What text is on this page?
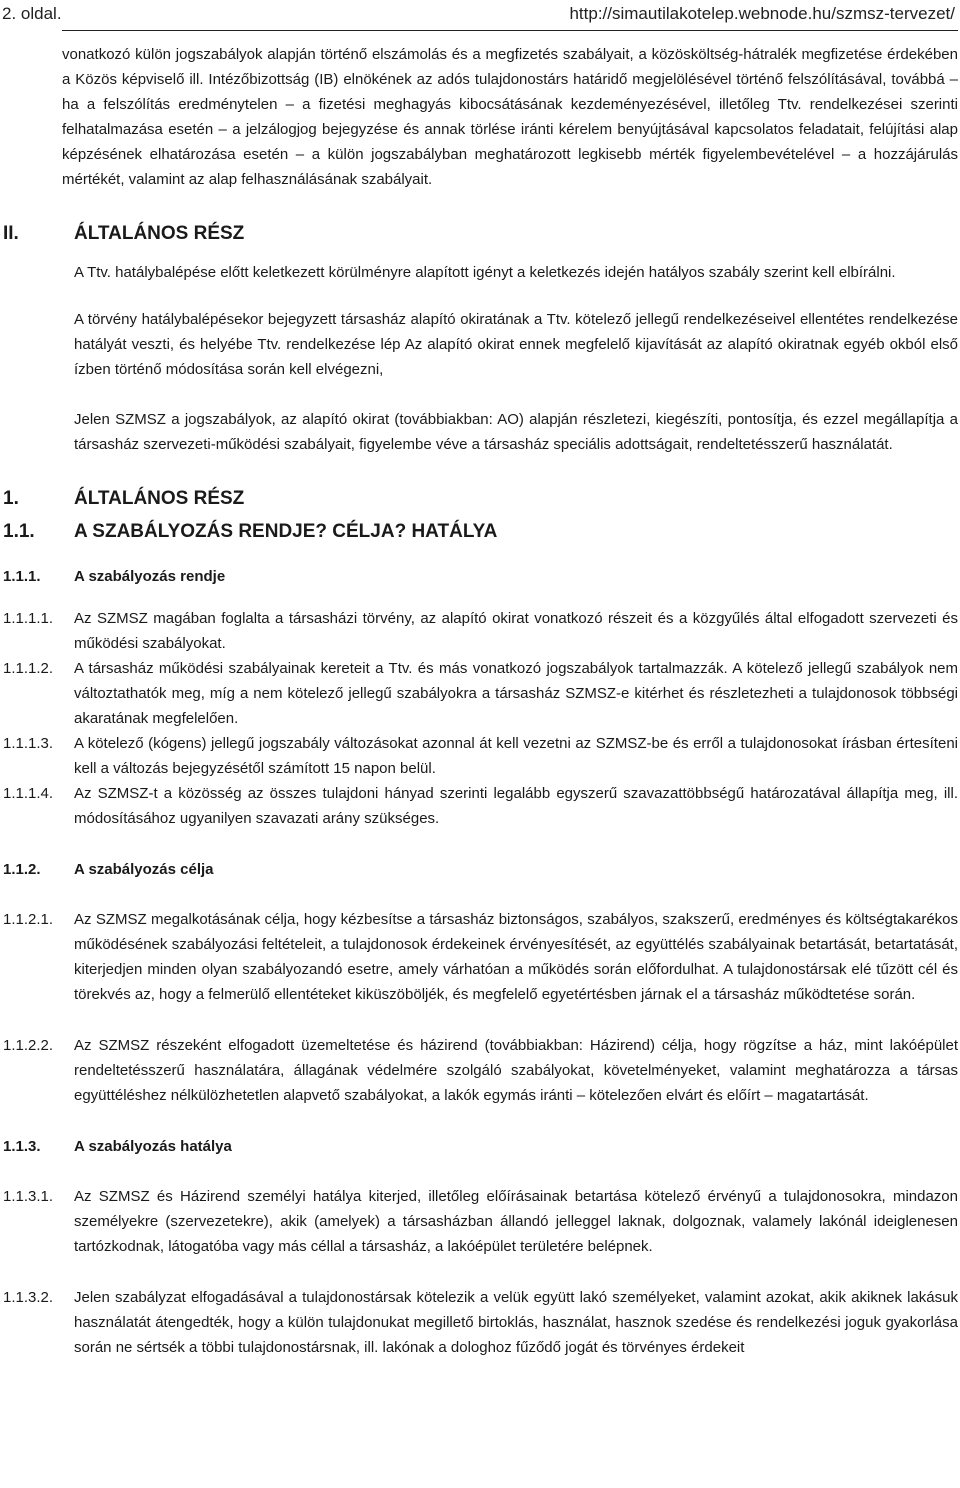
2. oldal.	http://simautilakotelep.webnode.hu/szmsz-tervezet/

vonatkozó külön jogszabályok alapján történő elszámolás és a megfizetés szabályait, a közösköltség-hátralék megfizetése érdekében a Közös képviselő ill. Intézőbizottság (IB) elnökének az adós tulajdonostárs határidő megjelölésével történő felszólításával, továbbá – ha a felszólítás eredménytelen – a fizetési meghagyás kibocsátásának kezdeményezésével, illetőleg Ttv. rendelkezései szerinti felhatalmazása esetén – a jelzálogjog bejegyzése és annak törlése iránti kérelem benyújtásával kapcsolatos feladatait, felújítási alap képzésének elhatározása esetén – a külön jogszabályban meghatározott legkisebb mérték figyelembevételével – a hozzájárulás mértékét, valamint az alap felhasználásának szabályait.

II.	ÁLTALÁNOS RÉSZ

A Ttv. hatálybalépése előtt keletkezett körülményre alapított igényt a keletkezés idején hatályos szabály szerint kell elbírálni.

A törvény hatálybalépésekor bejegyzett társasház alapító okiratának a Ttv. kötelező jellegű rendelkezéseivel ellentétes rendelkezése hatályát veszti, és helyébe Ttv. rendelkezése lép Az alapító okirat ennek megfelelő kijavítását az alapító okiratnak egyéb okból első ízben történő módosítása során kell elvégezni,

Jelen SZMSZ a jogszabályok, az alapító okirat (továbbiakban: AO) alapján részletezi, kiegészíti, pontosítja, és ezzel megállapítja a társasház szervezeti-működési szabályait, figyelembe véve a társasház speciális adottságait, rendeltetésszerű használatát.

1.	ÁLTALÁNOS RÉSZ
1.1. A SZABÁLYOZÁS RENDJE? CÉLJA? HATÁLYA
1.1.1.	A szabályozás rendje
1.1.1.1. Az SZMSZ magában foglalta a társasházi törvény, az alapító okirat vonatkozó részeit és a közgyűlés által elfogadott szervezeti és működési szabályokat.
1.1.1.2. A társasház működési szabályainak kereteit a Ttv. és más vonatkozó jogszabályok tartalmazzák. A kötelező jellegű szabályok nem változtathatók meg, míg a nem kötelező jellegű szabályokra a társasház SZMSZ-e kitérhet és részletezheti a tulajdonosok többségi akaratának megfelelően.
1.1.1.3. A kötelező (kógens) jellegű jogszabály változásokat azonnal át kell vezetni az SZMSZ-be és erről a tulajdonosokat írásban értesíteni kell a változás bejegyzésétől számított 15 napon belül.
1.1.1.4. Az SZMSZ-t a közösség az összes tulajdoni hányad szerinti legalább egyszerű szavazattöbbségű határozatával állapítja meg, ill. módosításához ugyanilyen szavazati arány szükséges.
1.1.2.	A szabályozás célja
1.1.2.1. Az SZMSZ megalkotásának célja, hogy kézbesítse a társasház biztonságos, szabályos, szakszerű, eredményes és költségtakarékos működésének szabályozási feltételeit, a tulajdonosok érdekeinek érvényesítését, az együttélés szabályainak betartását, betartatását, kiterjedjen minden olyan szabályozandó esetre, amely várhatóan a működés során előfordulhat. A tulajdonostársak elé tűzött cél és törekvés az, hogy a felmerülő ellentéteket kiküszöböljék, és megfelelő egyetértésben járnak el a társasház működtetése során.
1.1.2.2. Az SZMSZ részeként elfogadott üzemeltetése és házirend (továbbiakban: Házirend) célja, hogy rögzítse a ház, mint lakóépület rendeltetésszerű használatára, állagának védelmére szolgáló szabályokat, követelményeket, valamint meghatározza a társas együttéléshez nélkülözhetetlen alapvető szabályokat, a lakók egymás iránti – kötelezően elvárt és előírt – magatartását.
1.1.3.	A szabályozás hatálya
1.1.3.1. Az SZMSZ és Házirend személyi hatálya kiterjed, illetőleg előírásainak betartása kötelező érvényű a tulajdonosokra, mindazon személyekre (szervezetekre), akik (amelyek) a társasházban állandó jelleggel laknak, dolgoznak, valamely lakónál ideiglenesen tartózkodnak, látogatóba vagy más céllal a társasház, a lakóépület területére belépnek.
1.1.3.2. Jelen szabályzat elfogadásával a tulajdonostársak kötelezik a velük együtt lakó személyeket, valamint azokat, akik akiknek lakásuk használatát átengedték, hogy a külön tulajdonukat megillető birtoklás, használat, hasznok szedése és rendelkezési joguk gyakorlása során ne sértsék a többi tulajdonostársnak, ill. lakónak a dologhoz fűződő jogát és törvényes érdekeit
